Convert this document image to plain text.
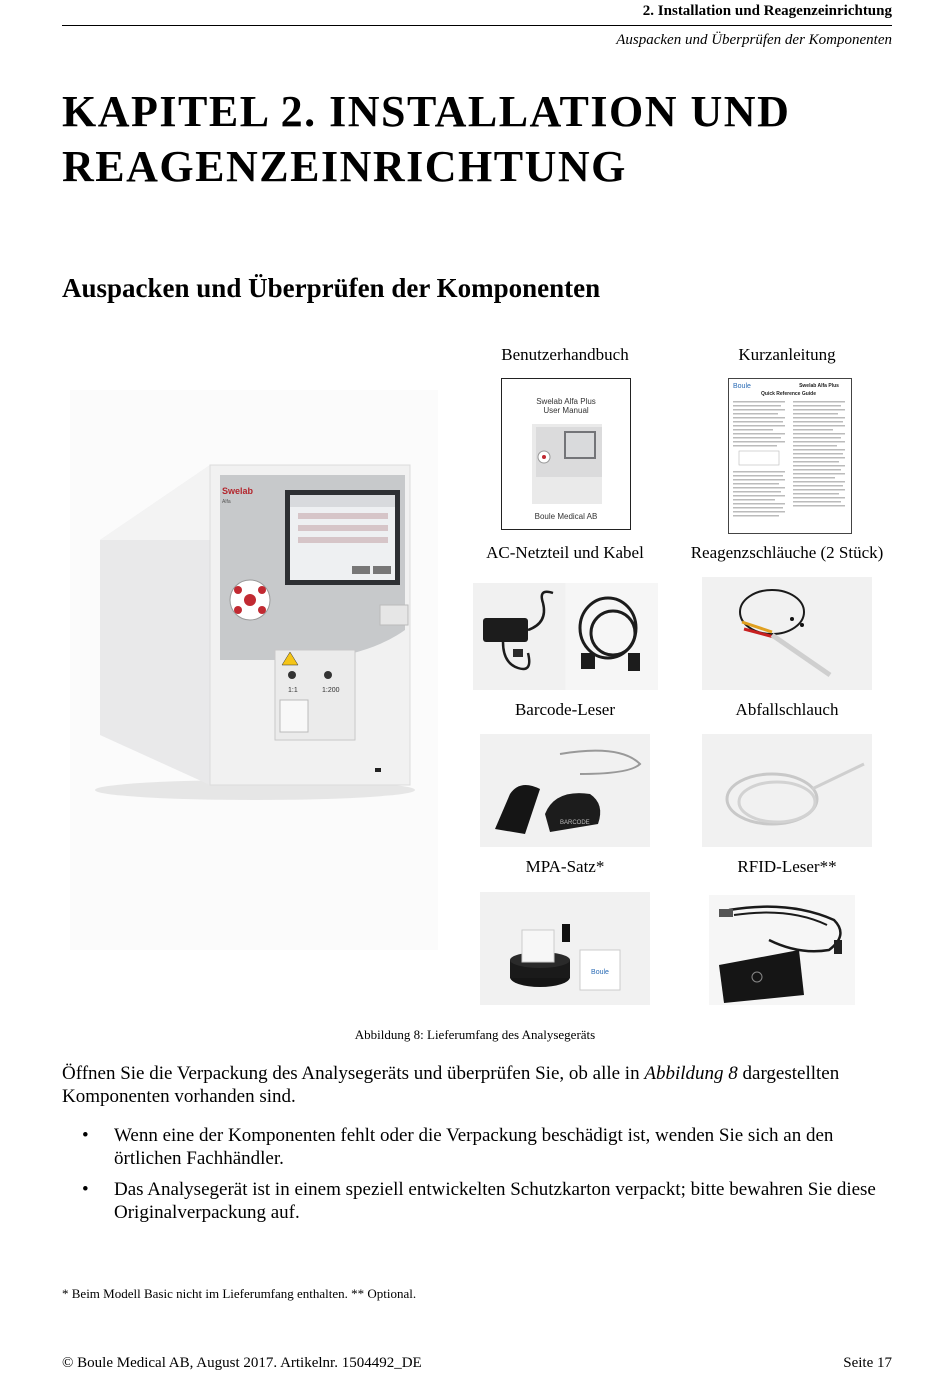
2. Installation und Reagenzeinrichtung
Auspacken und Überprüfen der Komponenten
KAPITEL 2. INSTALLATION UND
REAGENZEINRICHTUNG
Auspacken und Überprüfen der Komponenten
Swelab
Alfa
1:1	1:200
Benutzerhandbuch	Kurzanleitung
Swelab Alfa Plus
User Manual
Boule Medical AB
Boule	Swelab Alfa Plus
Quick Reference Guide
AC-Netzteil und Kabel	Reagenzschläuche (2 Stück)
Barcode-Leser	Abfallschlauch
BARCODE
MPA-Satz*	RFID-Leser**
Boule
Abbildung 8: Lieferumfang des Analysegeräts
Öffnen Sie die Verpackung des Analysegeräts und überprüfen Sie, ob alle in Abbildung 8 dargestellten Komponenten vorhanden sind.
• Wenn eine der Komponenten fehlt oder die Verpackung beschädigt ist, wenden Sie sich an den örtlichen Fachhändler.
• Das Analysegerät ist in einem speziell entwickelten Schutzkarton verpackt; bitte bewahren Sie diese Originalverpackung auf.
* Beim Modell Basic nicht im Lieferumfang enthalten. ** Optional.
© Boule Medical AB, August 2017. Artikelnr. 1504492_DE	Seite 17
